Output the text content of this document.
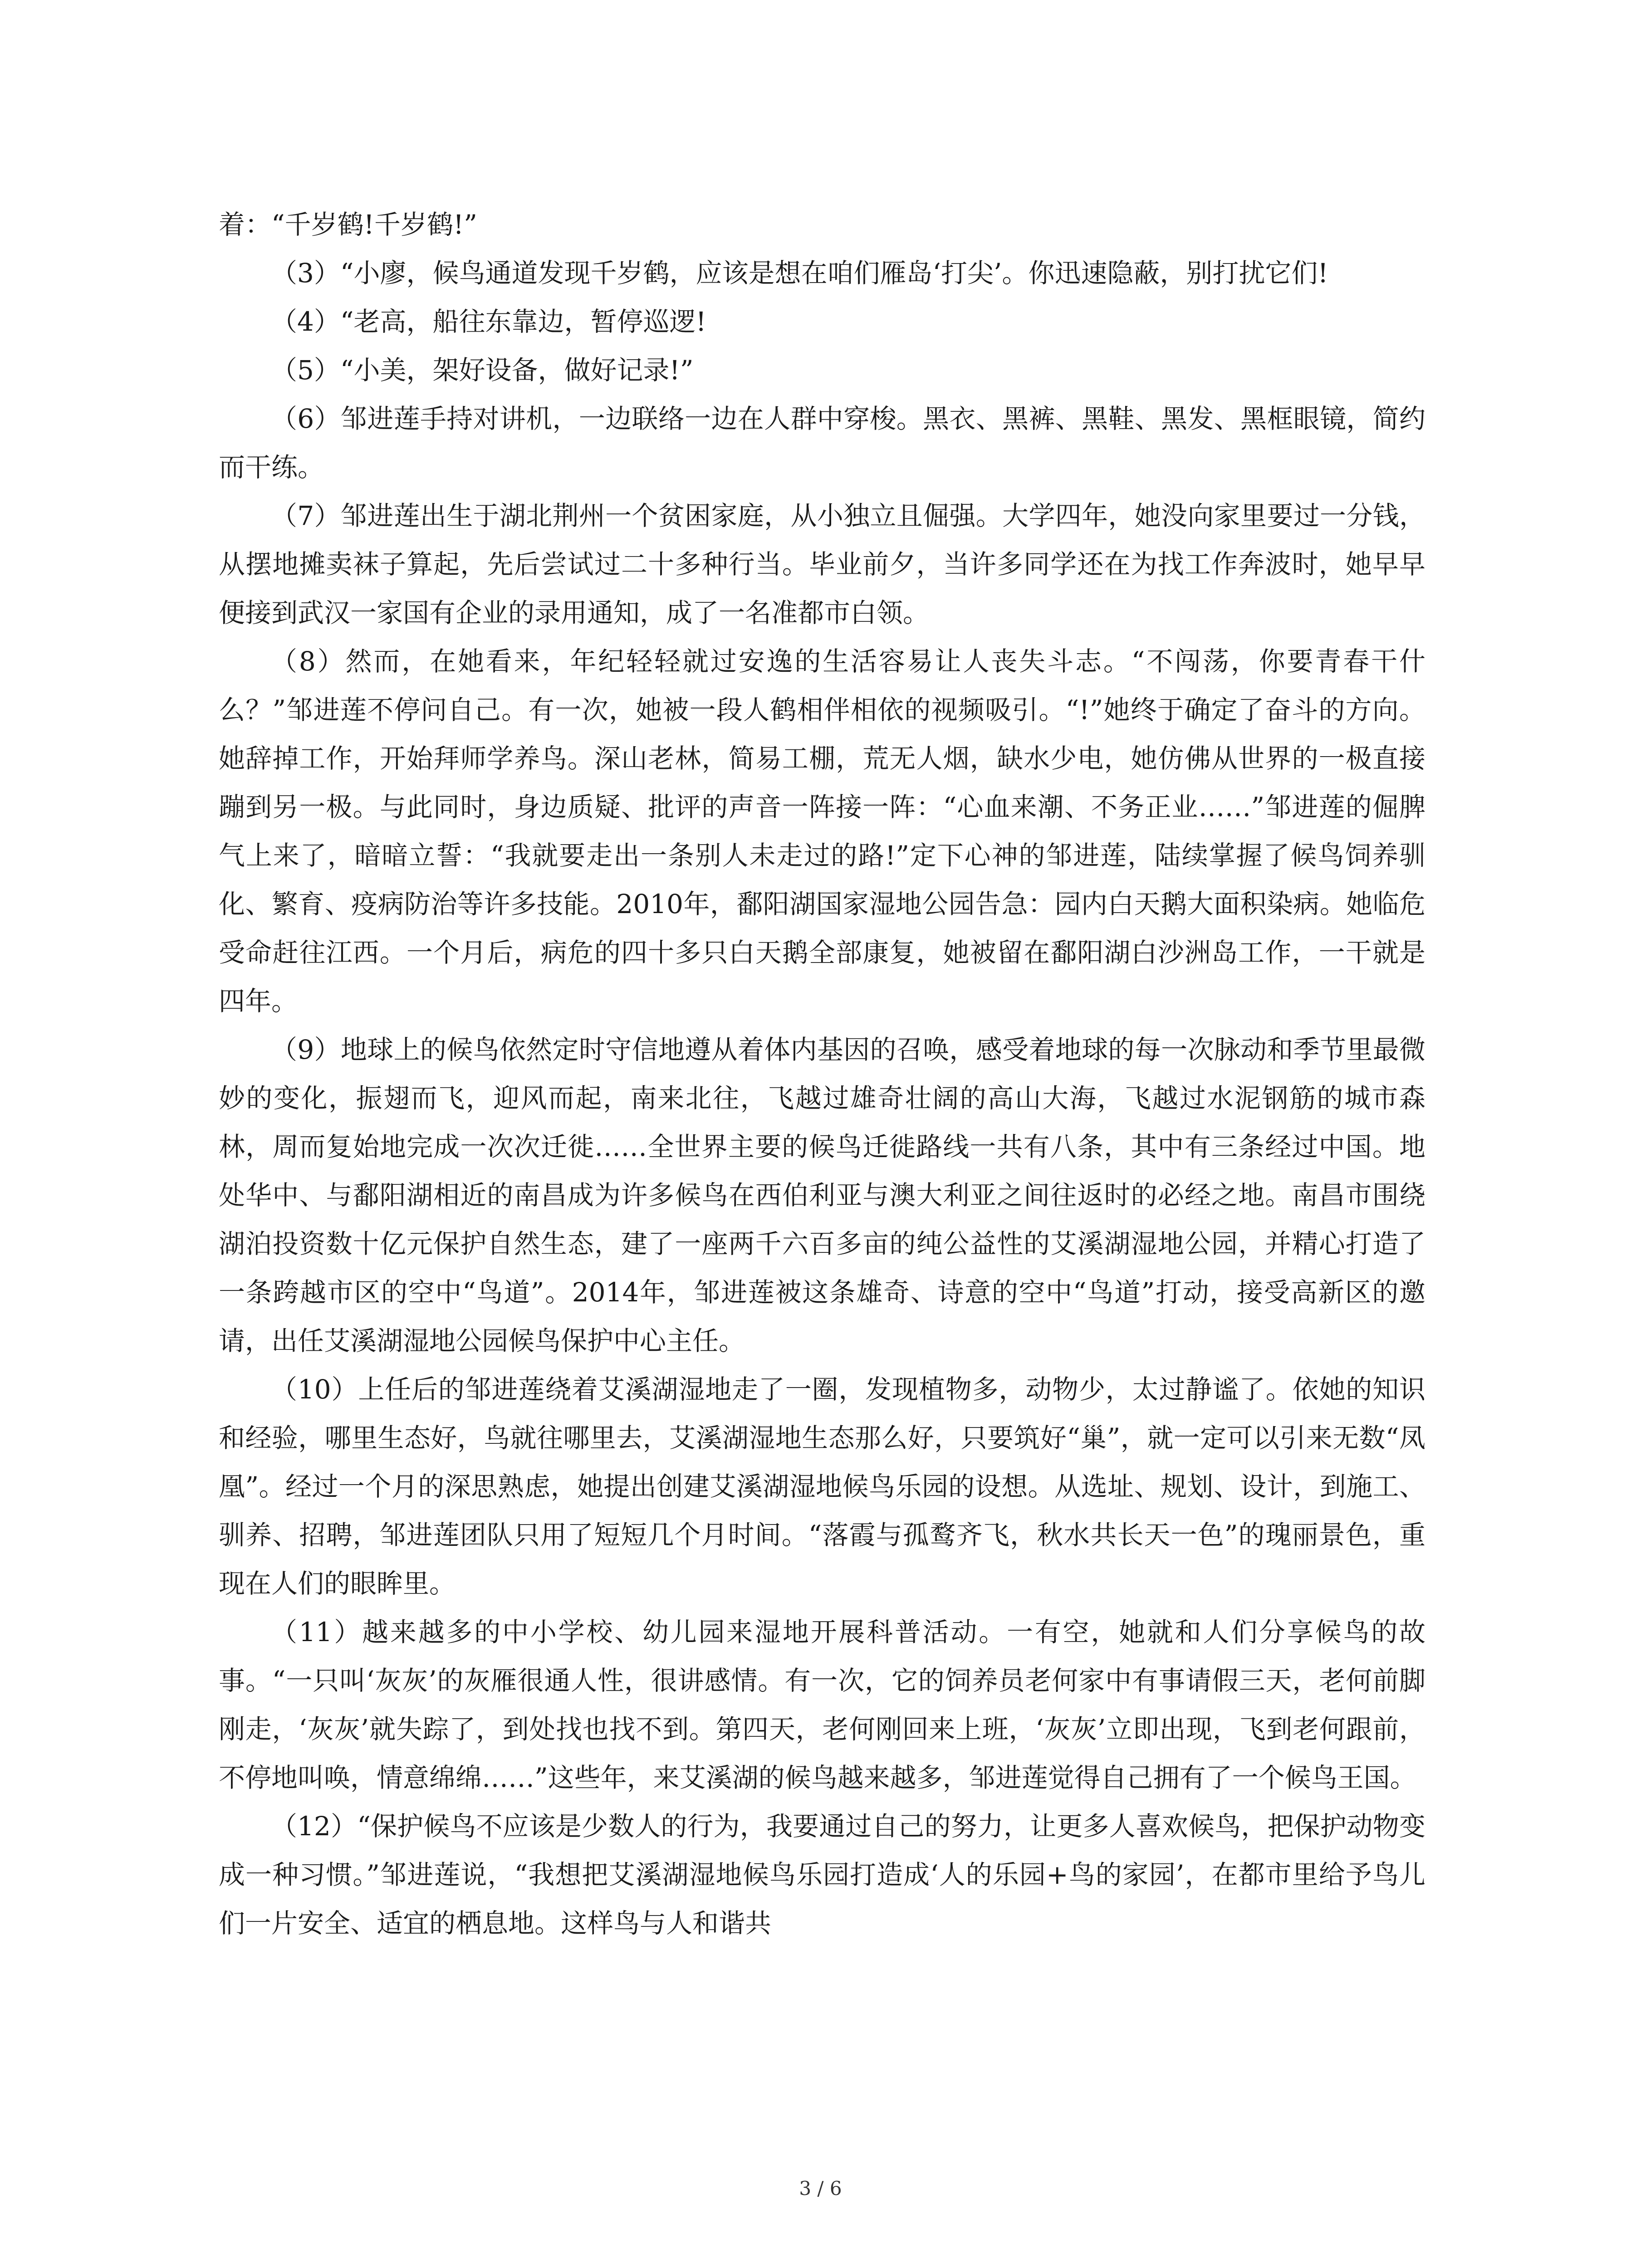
着：“千岁鹤!千岁鹤!”

（3）“小廖，候鸟通道发现千岁鹤，应该是想在咱们雁岛‘打尖’。你迅速隐蔽，别打扰它们!

（4）“老高，船往东靠边，暂停巡逻!

（5）“小美，架好设备，做好记录!”

（6）邹进莲手持对讲机，一边联络一边在人群中穿梭。黑衣、黑裤、黑鞋、黑发、黑框眼镜，简约而干练。

（7）邹进莲出生于湖北荆州一个贫困家庭，从小独立且倔强。大学四年，她没向家里要过一分钱，从摆地摊卖袜子算起，先后尝试过二十多种行当。毕业前夕，当许多同学还在为找工作奔波时，她早早便接到武汉一家国有企业的录用通知，成了一名准都市白领。

（8）然而，在她看来，年纪轻轻就过安逸的生活容易让人丧失斗志。“不闯荡，你要青春干什么？”邹进莲不停问自己。有一次，她被一段人鹤相伴相依的视频吸引。“!”她终于确定了奋斗的方向。她辞掉工作，开始拜师学养鸟。深山老林，简易工棚，荒无人烟，缺水少电，她仿佛从世界的一极直接蹦到另一极。与此同时，身边质疑、批评的声音一阵接一阵：“心血来潮、不务正业……”邹进莲的倔脾气上来了，暗暗立誓：“我就要走出一条别人未走过的路!”定下心神的邹进莲，陆续掌握了候鸟饲养驯化、繁育、疫病防治等许多技能。2010年，鄱阳湖国家湿地公园告急：园内白天鹅大面积染病。她临危受命赶往江西。一个月后，病危的四十多只白天鹅全部康复，她被留在鄱阳湖白沙洲岛工作，一干就是四年。

（9）地球上的候鸟依然定时守信地遵从着体内基因的召唤，感受着地球的每一次脉动和季节里最微妙的变化，振翅而飞，迎风而起，南来北往，飞越过雄奇壮阔的高山大海，飞越过水泥钢筋的城市森林，周而复始地完成一次次迁徙……全世界主要的候鸟迁徙路线一共有八条，其中有三条经过中国。地处华中、与鄱阳湖相近的南昌成为许多候鸟在西伯利亚与澳大利亚之间往返时的必经之地。南昌市围绕湖泊投资数十亿元保护自然生态，建了一座两千六百多亩的纯公益性的艾溪湖湿地公园，并精心打造了一条跨越市区的空中“鸟道”。2014年，邹进莲被这条雄奇、诗意的空中“鸟道”打动，接受高新区的邀请，出任艾溪湖湿地公园候鸟保护中心主任。

（10）上任后的邹进莲绕着艾溪湖湿地走了一圈，发现植物多，动物少，太过静谧了。依她的知识和经验，哪里生态好，鸟就往哪里去，艾溪湖湿地生态那么好，只要筑好“巢”，就一定可以引来无数“凤凰”。经过一个月的深思熟虑，她提出创建艾溪湖湿地候鸟乐园的设想。从选址、规划、设计，到施工、驯养、招聘，邹进莲团队只用了短短几个月时间。“落霞与孤鹜齐飞，秋水共长天一色”的瑰丽景色，重现在人们的眼眸里。

（11）越来越多的中小学校、幼儿园来湿地开展科普活动。一有空，她就和人们分享候鸟的故事。“一只叫‘灰灰’的灰雁很通人性，很讲感情。有一次，它的饲养员老何家中有事请假三天，老何前脚刚走，‘灰灰’就失踪了，到处找也找不到。第四天，老何刚回来上班，‘灰灰’立即出现，飞到老何跟前，不停地叫唤，情意绵绵……”这些年，来艾溪湖的候鸟越来越多，邹进莲觉得自己拥有了一个候鸟王国。

（12）“保护候鸟不应该是少数人的行为，我要通过自己的努力，让更多人喜欢候鸟，把保护动物变成一种习惯。”邹进莲说，“我想把艾溪湖湿地候鸟乐园打造成‘人的乐园+鸟的家园’，在都市里给予鸟儿们一片安全、适宜的栖息地。这样鸟与人和谐共

3 / 6
